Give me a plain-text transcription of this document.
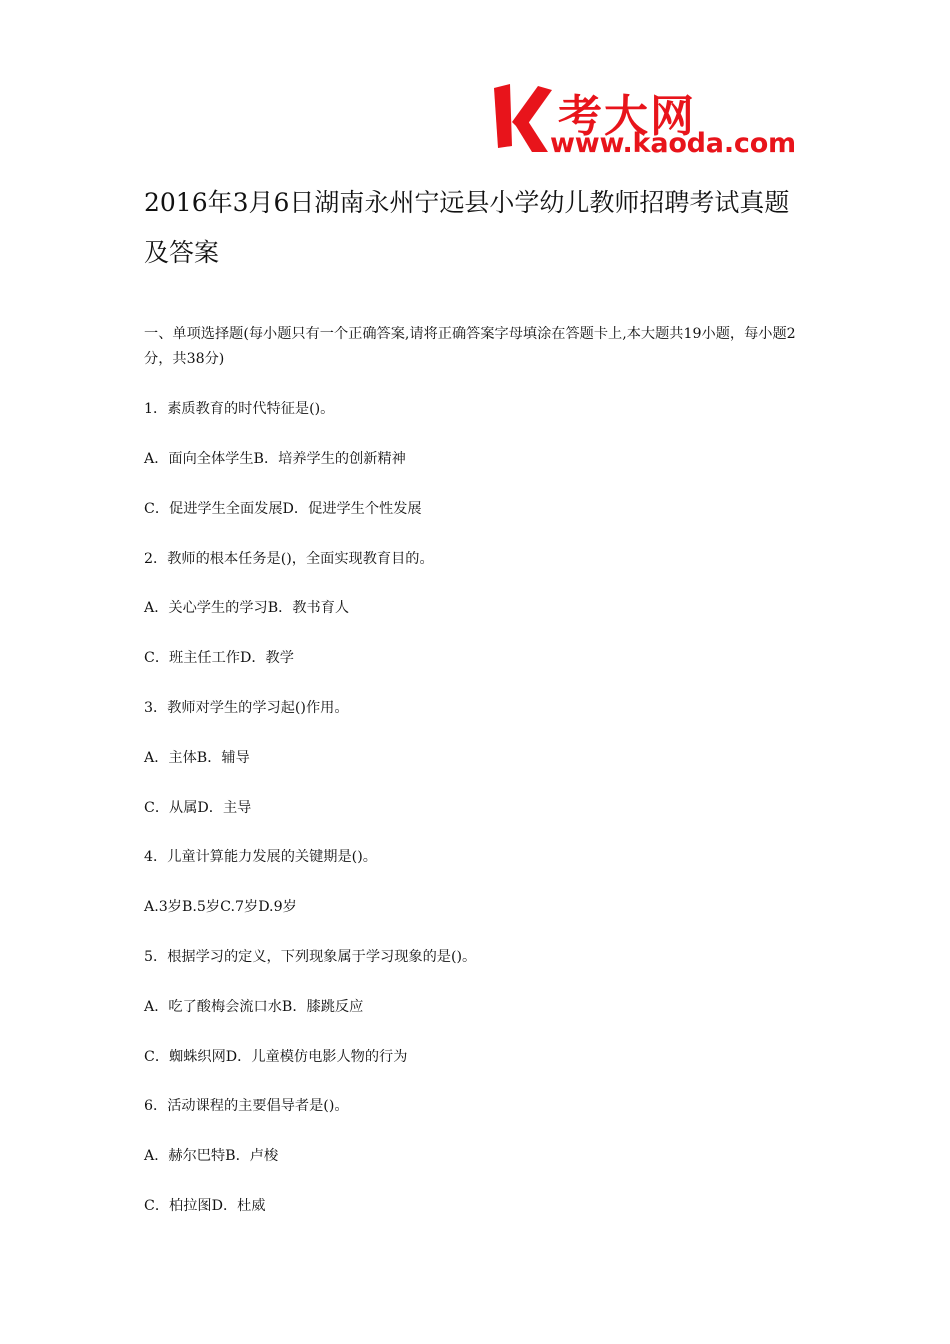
考大网
www.kaoda.com
2016年3月6日湖南永州宁远县小学幼儿教师招聘考试真题及答案

一、单项选择题(每小题只有一个正确答案,请将正确答案字母填涂在答题卡上,本大题共19小题，每小题2分，共38分)

1．素质教育的时代特征是()。

A．面向全体学生B．培养学生的创新精神

C．促进学生全面发展D．促进学生个性发展

2．教师的根本任务是()，全面实现教育目的。

A．关心学生的学习B．教书育人

C．班主任工作D．教学

3．教师对学生的学习起()作用。

A．主体B．辅导

C．从属D．主导

4．儿童计算能力发展的关键期是()。

A.3岁B.5岁C.7岁D.9岁

5．根据学习的定义，下列现象属于学习现象的是()。

A．吃了酸梅会流口水B．膝跳反应

C．蜘蛛织网D．儿童模仿电影人物的行为

6．活动课程的主要倡导者是()。

A．赫尔巴特B．卢梭

C．柏拉图D．杜威
